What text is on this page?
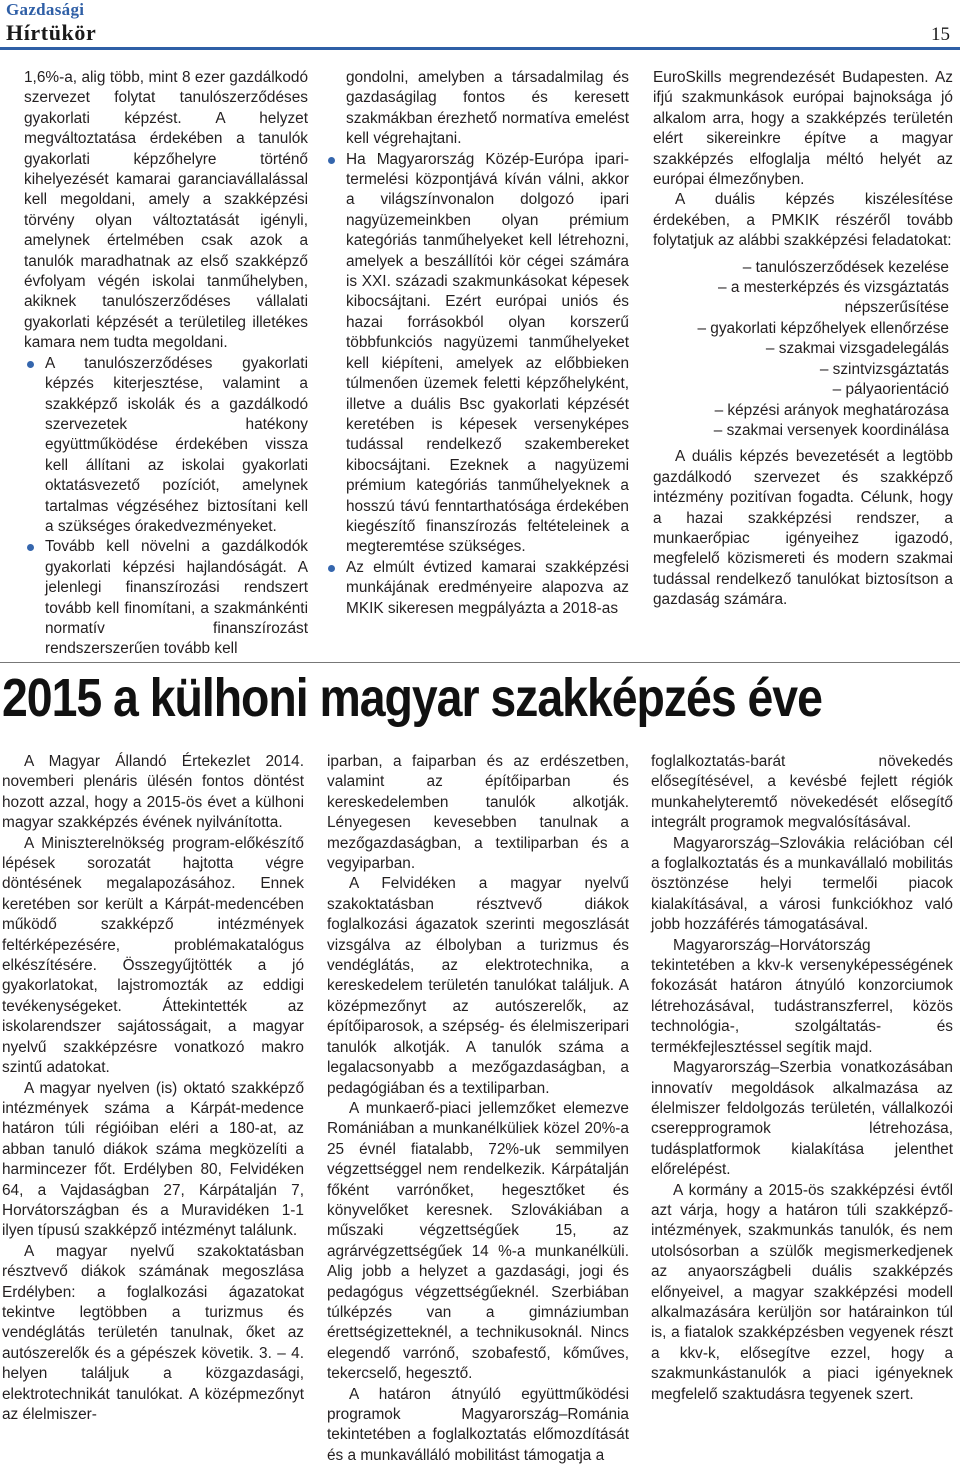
Gazdasági
Hírtükör	15

1,6%-a, alig több, mint 8 ezer gazdálkodó szervezet folytat tanulószerződéses gyakorlati képzést. A helyzet megváltoztatása érdekében a tanulók gyakorlati képzőhelyre történő kihelyezését kamarai garanciavállalással kell megoldani, amely a szakképzési törvény olyan változtatását igényli, amelynek értelmében csak azok a tanulók maradhatnak az első szakképző évfolyam végén iskolai tanműhelyben, akiknek tanulószerződéses vállalati gyakorlati képzését a területileg illetékes kamara nem tudta megoldani.

A tanulószerződéses gyakorlati képzés kiterjesztése, valamint a szakképző iskolák és a gazdálkodó szervezetek hatékony együttműködése érdekében vissza kell állítani az iskolai gyakorlati oktatásvezető pozíciót, amelynek tartalmas végzéséhez biztosítani kell a szükséges órakedvezményeket.
Tovább kell növelni a gazdálkodók gyakorlati képzési hajlandóságát. A jelenlegi finanszírozási rendszert tovább kell finomítani, a szakmánkénti normatív finanszírozást rendszerszerűen tovább kell

gondolni, amelyben a társadalmilag és gazdaságilag fontos és keresett szakmákban érezhető normatíva emelést kell végrehajtani.

Ha Magyarország Közép-Európa ipari-termelési központjává kíván válni, akkor a világszínvonalon dolgozó ipari nagyüzemeinkben olyan prémium kategóriás tanműhelyeket kell létrehozni, amelyek a beszállítói kör cégei számára is XXI. századi szakmunkásokat képesek kibocsájtani. Ezért európai uniós és hazai forrásokból olyan korszerű többfunkciós nagyüzemi tanműhelyeket kell kiépíteni, amelyek az előbbieken túlmenően üzemek feletti képzőhelyként, illetve a duális Bsc gyakorlati képzését keretében is képesek versenyképes tudással rendelkező szakembereket kibocsájtani. Ezeknek a nagyüzemi prémium kategóriás tanműhelyeknek a hosszú távú fenntarthatósága érdekében kiegészítő finanszírozás feltételeinek a megteremtése szükséges.
Az elmúlt évtized kamarai szakképzési munkájának eredményeire alapozva az MKIK sikeresen megpályázta a 2018-as

EuroSkills megrendezését Budapesten. Az ifjú szakmunkások európai bajnoksága jó alkalom arra, hogy a szakképzés területén elért sikereinkre építve a magyar szakképzés elfoglalja méltó helyét az európai élmezőnyben.

A duális képzés kiszélesítése érdekében, a PMKIK részéről tovább folytatjuk az alábbi szakképzési feladatokat:

– tanulószerződések kezelése
– a mesterképzés és vizsgáztatás népszerűsítése
– gyakorlati képzőhelyek ellenőrzése
– szakmai vizsgadelegálás
– szintvizsgáztatás
– pályaorientáció
– képzési arányok meghatározása
– szakmai versenyek koordinálása

A duális képzés bevezetését a legtöbb gazdálkodó szervezet és szakképző intézmény pozitívan fogadta. Célunk, hogy a hazai szakképzési rendszer, a munkaerőpiac igényeihez igazodó, megfelelő közismereti és modern szakmai tudással rendelkező tanulókat biztosítson a gazdaság számára.

2015 a külhoni magyar szakképzés éve

A Magyar Állandó Értekezlet 2014. novemberi plenáris ülésén fontos döntést hozott azzal, hogy a 2015-ös évet a külhoni magyar szakképzés évének nyilvánította.

A Miniszterelnökség program-előkészítő lépések sorozatát hajtotta végre döntésének megalapozásához. Ennek keretében sor került a Kárpát-medencében működő szakképző intézmények feltérképezésére, problémakatalógus elkészítésére. Összegyűjtötték a jó gyakorlatokat, lajstromozták az eddigi tevékenységeket. Áttekintették az iskolarendszer sajátosságait, a magyar nyelvű szakképzésre vonatkozó makro szintű adatokat.

A magyar nyelven (is) oktató szakképző intézmények száma a Kárpát-medence határon túli régióiban eléri a 180-at, az abban tanuló diákok száma megközelíti a harmincezer főt. Erdélyben 80, Felvidéken 64, a Vajdaságban 27, Kárpátalján 7, Horvátországban és a Muravidéken 1-1 ilyen típusú szakképző intézményt találunk.

A magyar nyelvű szakoktatásban résztvevő diákok számának megoszlása Erdélyben: a foglalkozási ágazatokat tekintve legtöbben a turizmus és vendéglátás területén tanulnak, őket az autószerelők és a gépészek követik. 3. – 4. helyen találjuk a közgazdasági, elektrotechnikát tanulókat. A középmezőnyt az élelmiszer-

iparban, a faiparban és az erdészetben, valamint az építőiparban és kereskedelemben tanulók alkotják. Lényegesen kevesebben tanulnak a mezőgazdaságban, a textiliparban és a vegyiparban.

A Felvidéken a magyar nyelvű szakoktatásban résztvevő diákok foglalkozási ágazatok szerinti megoszlását vizsgálva az élbolyban a turizmus és vendéglátás, az elektrotechnika, a kereskedelem területén tanulókat találjuk. A középmezőnyt az autószerelők, az építőiparosok, a szépség- és élelmiszeripari tanulók alkotják. A tanulók száma a legalacsonyabb a mezőgazdaságban, a pedagógiában és a textiliparban.

A munkaerő-piaci jellemzőket elemezve Romániában a munkanélküliek közel 20%-a 25 évnél fiatalabb, 72%-uk semmilyen végzettséggel nem rendelkezik. Kárpátalján főként varrónőket, hegesztőket és könyvelőket keresnek. Szlovákiában a műszaki végzettségűek 15, az agrárvégzettségűek 14 %-a munkanélküli. Alig jobb a helyzet a gazdasági, jogi és pedagógus végzettségűeknél. Szerbiában túlképzés van a gimnáziumban érettségizetteknél, a technikusoknál. Nincs elegendő varrónő, szobafestő, kőműves, tekercselő, hegesztő.

A határon átnyúló együttműködési programok Magyarország–Románia tekintetében a foglalkoztatás előmozdítását és a munkaválláló mobilitást támogatja a

foglalkoztatás-barát növekedés elősegítésével, a kevésbé fejlett régiók munkahelyteremtő növekedését elősegítő integrált programok megvalósításával.

Magyarország–Szlovákia relációban cél a foglalkoztatás és a munkavállaló mobilitás ösztönzése helyi termelői piacok kialakításával, a városi funkciókhoz való jobb hozzáférés támogatásával.

Magyarország–Horvátország tekintetében a kkv-k versenyképességének fokozását határon átnyúló konzorciumok létrehozásával, tudástranszferrel, közös technológia-, szolgáltatás- és termékfejlesztéssel segítik majd.

Magyarország–Szerbia vonatkozásában innovatív megoldások alkalmazása az élelmiszer feldolgozás területén, vállalkozói cserepprogramok létrehozása, tudásplatformok kialakítása jelenthet előrelépést.

A kormány a 2015-ös szakképzési évtől azt várja, hogy a határon túli szakképző-intézmények, szakmunkás tanulók, és nem utolsósorban a szülők megismerkedjenek az anyaországbeli duális szakképzés előnyeivel, a magyar szakképzési modell alkalmazására kerüljön sor határainkon túl is, a fiatalok szakképzésben vegyenek részt a kkv-k, elősegítve ezzel, hogy a szakmunkástanulók a piaci igényeknek megfelelő szaktudásra tegyenek szert.
